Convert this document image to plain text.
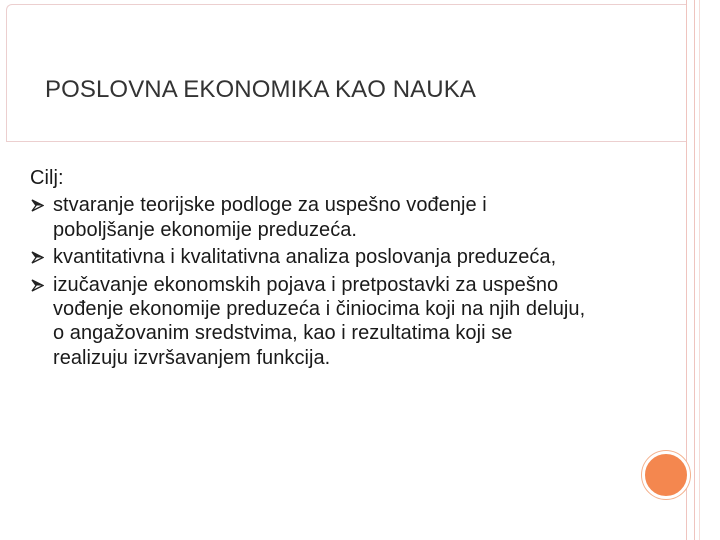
POSLOVNA EKONOMIKA KAO NAUKA
Cilj:
stvaranje teorijske podloge za uspešno vođenje i poboljšanje ekonomije preduzeća.
kvantitativna i kvalitativna analiza poslovanja preduzeća,
izučavanje ekonomskih pojava i pretpostavki za uspešno vođenje ekonomije preduzeća i činiocima koji na njih deluju, o angažovanim sredstvima, kao i rezultatima koji se realizuju izvršavanjem funkcija.
